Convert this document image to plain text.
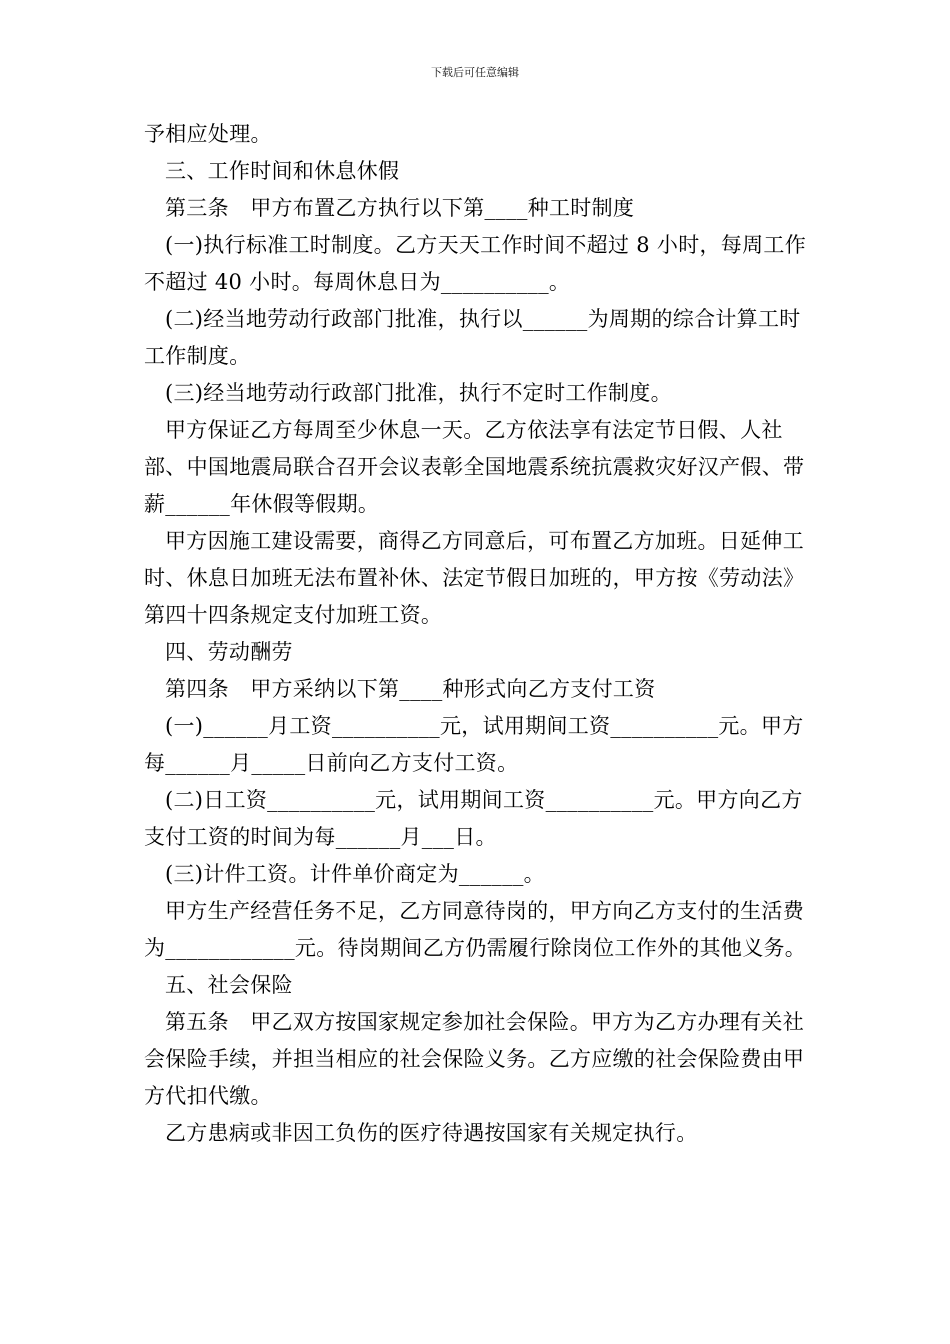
下载后可任意编辑

予相应处理。

三、工作时间和休息休假

第三条　甲方布置乙方执行以下第____种工时制度

(一)执行标准工时制度。乙方天天工作时间不超过 8 小时，每周工作不超过 40 小时。每周休息日为__________。

(二)经当地劳动行政部门批准，执行以______为周期的综合计算工时工作制度。

(三)经当地劳动行政部门批准，执行不定时工作制度。

甲方保证乙方每周至少休息一天。乙方依法享有法定节日假、人社部、中国地震局联合召开会议表彰全国地震系统抗震救灾好汉产假、带薪______年休假等假期。

甲方因施工建设需要，商得乙方同意后，可布置乙方加班。日延伸工时、休息日加班无法布置补休、法定节假日加班的，甲方按《劳动法》第四十四条规定支付加班工资。

四、劳动酬劳

第四条　甲方采纳以下第____种形式向乙方支付工资

(一)______月工资__________元，试用期间工资__________元。甲方每______月_____日前向乙方支付工资。

(二)日工资__________元，试用期间工资__________元。甲方向乙方支付工资的时间为每______月___日。

(三)计件工资。计件单价商定为______。

甲方生产经营任务不足，乙方同意待岗的，甲方向乙方支付的生活费为____________元。待岗期间乙方仍需履行除岗位工作外的其他义务。

五、社会保险

第五条　甲乙双方按国家规定参加社会保险。甲方为乙方办理有关社会保险手续，并担当相应的社会保险义务。乙方应缴的社会保险费由甲方代扣代缴。

乙方患病或非因工负伤的医疗待遇按国家有关规定执行。
